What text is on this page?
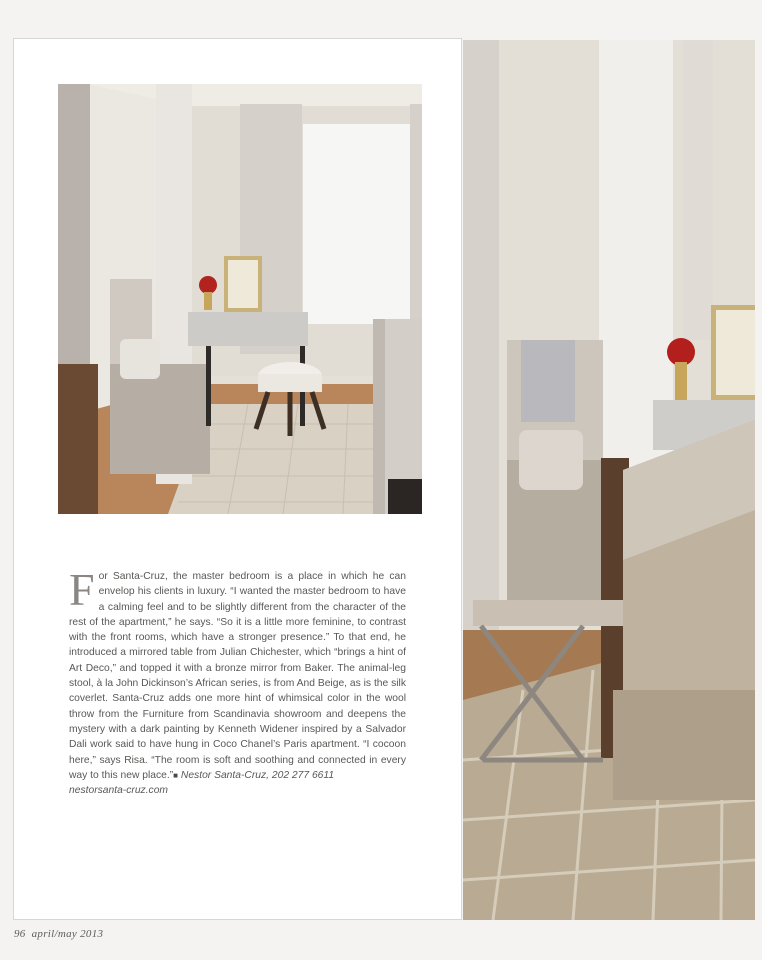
For Santa-Cruz, the master bedroom is a place in which he can envelop his clients in luxury. “I wanted the master bedroom to have a calming feel and to be slightly different from the character of the rest of the apartment,” he says. “So it is a little more feminine, to contrast with the front rooms, which have a stronger presence.” To that end, he introduced a mirrored table from Julian Chichester, which “brings a hint of Art Deco,” and topped it with a bronze mirror from Baker. The animal-leg stool, à la John Dickinson’s African series, is from And Beige, as is the silk coverlet. Santa-Cruz adds one more hint of whimsical color in the wool throw from the Furniture from Scandinavia showroom and deepens the mystery with a dark painting by Kenneth Widener inspired by a Salvador Dali work said to have hung in Coco Chanel’s Paris apartment. “I cocoon here,” says Risa. “The room is soft and soothing and connected in every way to this new place.”■ Nestor Santa-Cruz, 202 277 6611
nestorsanta-cruz.com

96 april/may 2013
